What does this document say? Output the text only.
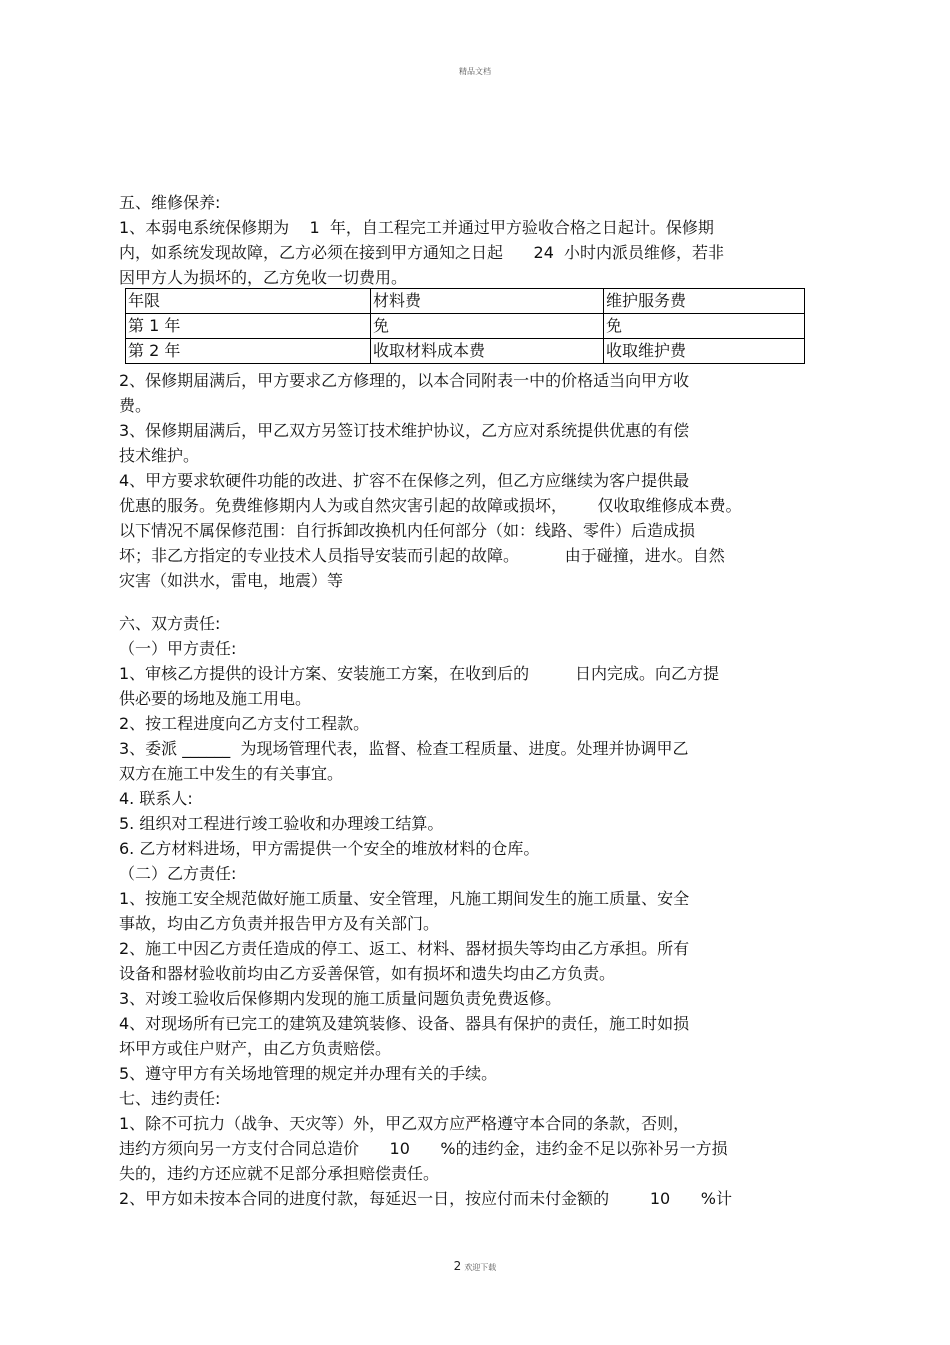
精品文档
五、维修保养:
1、本弱电系统保修期为    1  年，自工程完工并通过甲方验收合格之日起计。保修期
内，如系统发现故障，乙方必须在接到甲方通知之日起      24  小时内派员维修，若非
因甲方人为损坏的，乙方免收一切费用。
年限	材料费	维护服务费
第 1 年	免	免
第 2 年	收取材料成本费	收取维护费
2、保修期届满后，甲方要求乙方修理的，以本合同附表一中的价格适当向甲方收
费。
3、保修期届满后，甲乙双方另签订技术维护协议，乙方应对系统提供优惠的有偿
技术维护。
4、甲方要求软硬件功能的改进、扩容不在保修之列，但乙方应继续为客户提供最
优惠的服务。免费维修期内人为或自然灾害引起的故障或损坏，      仅收取维修成本费。
以下情况不属保修范围：自行拆卸改换机内任何部分（如：线路、零件）后造成损
坏；非乙方指定的专业技术人员指导安装而引起的故障。         由于碰撞，进水。自然
灾害（如洪水，雷电，地震）等
六、双方责任:
（一）甲方责任:
1、审核乙方提供的设计方案、安装施工方案，在收到后的         日内完成。向乙方提
供必要的场地及施工用电。
2、按工程进度向乙方支付工程款。
3、委派 ______  为现场管理代表，监督、检查工程质量、进度。处理并协调甲乙
双方在施工中发生的有关事宜。
4. 联系人:
5. 组织对工程进行竣工验收和办理竣工结算。
6. 乙方材料进场，甲方需提供一个安全的堆放材料的仓库。
（二）乙方责任:
1、按施工安全规范做好施工质量、安全管理，凡施工期间发生的施工质量、安全
事故，均由乙方负责并报告甲方及有关部门。
2、施工中因乙方责任造成的停工、返工、材料、器材损失等均由乙方承担。所有
设备和器材验收前均由乙方妥善保管，如有损坏和遗失均由乙方负责。
3、对竣工验收后保修期内发现的施工质量问题负责免费返修。
4、对现场所有已完工的建筑及建筑装修、设备、器具有保护的责任，施工时如损
坏甲方或住户财产，由乙方负责赔偿。
5、遵守甲方有关场地管理的规定并办理有关的手续。
七、违约责任:
1、除不可抗力（战争、天灾等）外，甲乙双方应严格遵守本合同的条款，否则，
违约方须向另一方支付合同总造价      10      %的违约金，违约金不足以弥补另一方损
失的，违约方还应就不足部分承担赔偿责任。
2、甲方如未按本合同的进度付款，每延迟一日，按应付而未付金额的        10      %计
2 欢迎下载
